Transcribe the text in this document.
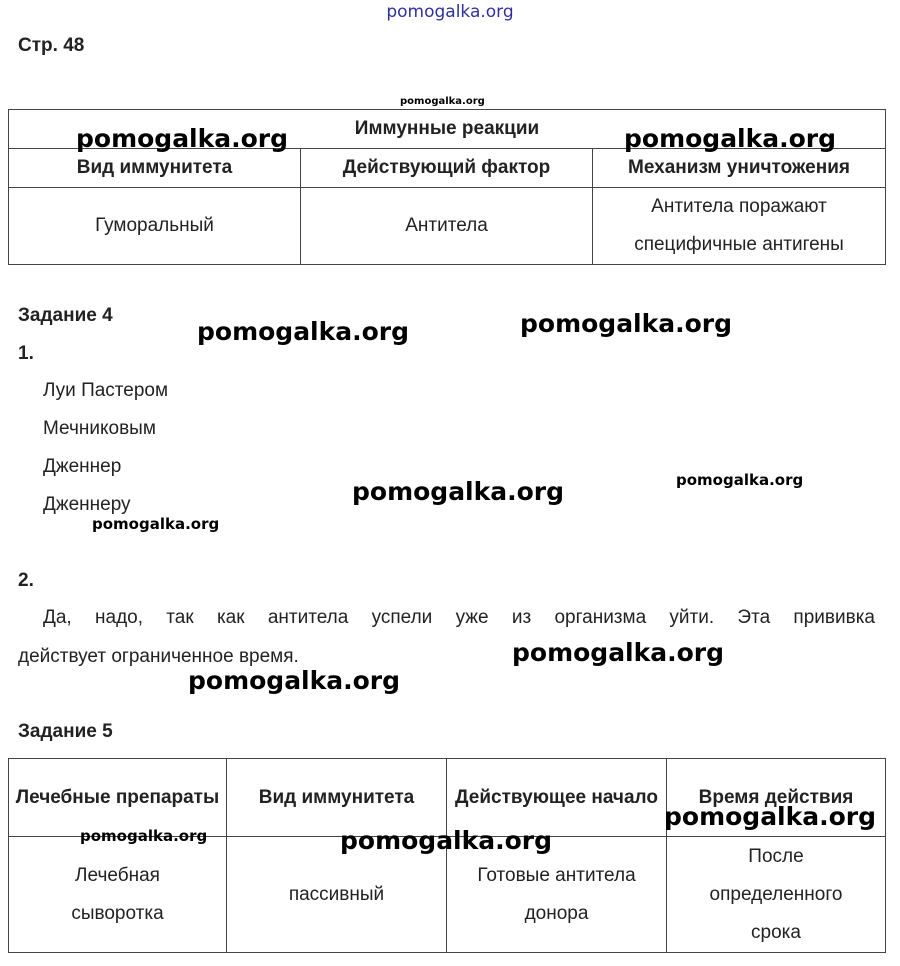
pomogalka.org
Стр. 48
pomogalka.org
Иммунные реакции		
Вид иммунитета	Действующий фактор	Механизм уничтожения
Гуморальный	Антитела	Антитела поражают специфичные антигены
pomogalka.org	pomogalka.org
Задание 4
pomogalka.org	pomogalka.org
1.
Луи Пастером
Мечниковым
Дженнер
Дженнеру	pomogalka.org	pomogalka.org
pomogalka.org
2.
Да, надо, так как антитела успели уже из организма уйти. Эта прививка
действует ограниченное время.	pomogalka.org
pomogalka.org
Задание 5
Лечебные препараты	Вид иммунитета	Действующее начало	Время действия
Лечебная сыворотка	пассивный	Готовые антитела донора	После определенного срока
pomogalka.org	pomogalka.org
pomogalka.org
